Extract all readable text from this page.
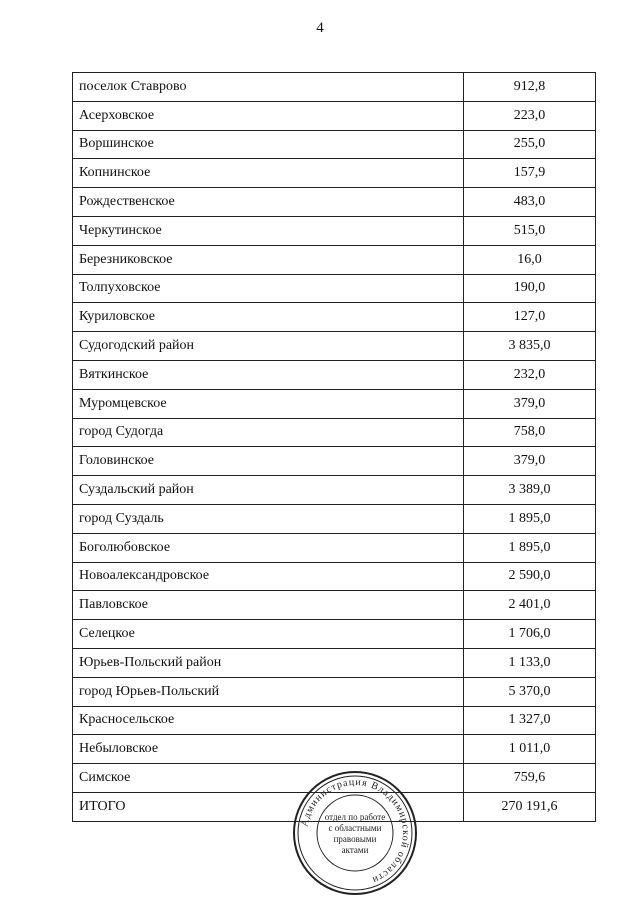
4
поселок Ставрово	912,8
Асерховское	223,0
Воршинское	255,0
Копнинское	157,9
Рождественское	483,0
Черкутинское	515,0
Березниковское	16,0
Толпуховское	190,0
Куриловское	127,0
Судогодский район	3 835,0
Вяткинское	232,0
Муромцевское	379,0
город Судогда	758,0
Головинское	379,0
Суздальский район	3 389,0
город Суздаль	1 895,0
Боголюбовское	1 895,0
Новоалександровское	2 590,0
Павловское	2 401,0
Селецкое	1 706,0
Юрьев-Польский район	1 133,0
город Юрьев-Польский	5 370,0
Красносельское	1 327,0
Небыловское	1 011,0
Симское	759,6
ИТОГО	270 191,6
Администрация Владимирской области
отдел по работе
с областными
правовыми
актами
